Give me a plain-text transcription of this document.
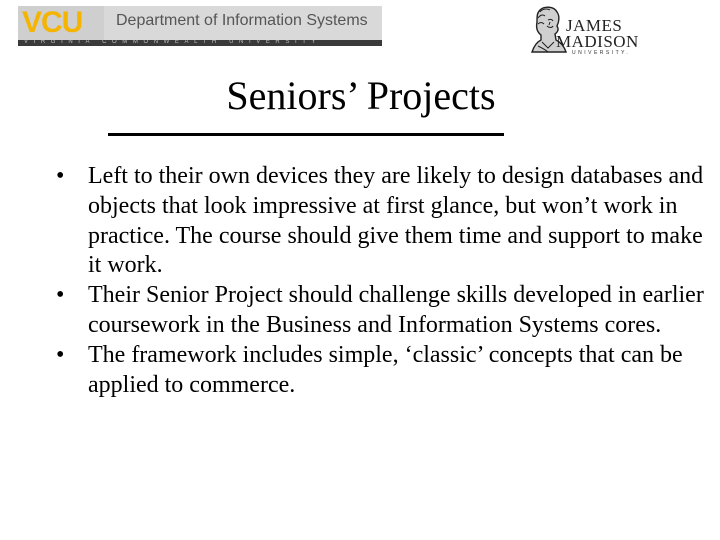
VCU Department of Information Systems
VIRGINIA COMMONWEALTH UNIVERSITY
JAMES
MADISON
UNIVERSITY.
Seniors’ Projects
• Left to their own devices they are likely to design databases and objects that look impressive at first glance, but won’t work in practice. The course should give them time and support to make it work.
• Their Senior Project should challenge skills developed in earlier coursework in the Business and Information Systems cores.
• The framework includes simple, ‘classic’ concepts that can be applied to commerce.
